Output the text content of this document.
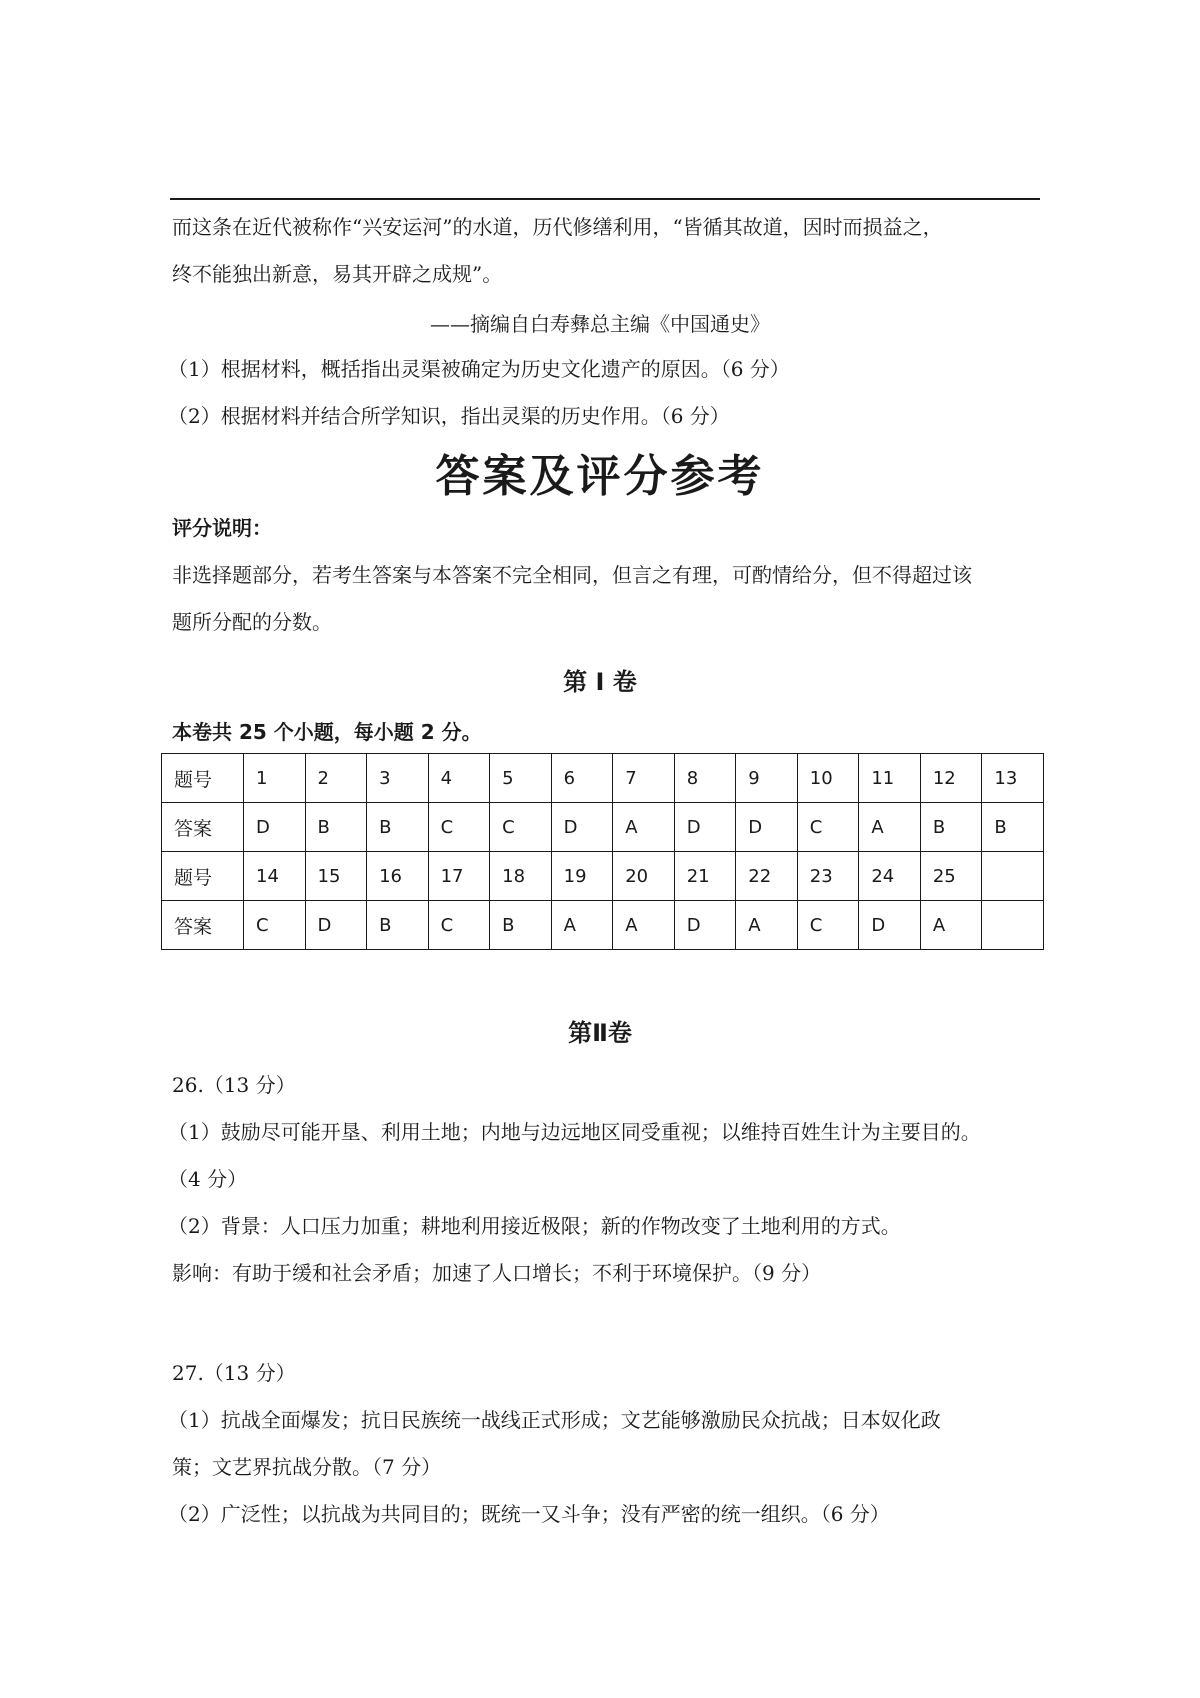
而这条在近代被称作“兴安运河”的水道，历代修缮利用，“皆循其故道，因时而损益之，
终不能独出新意，易其开辟之成规”。
——摘编自白寿彝总主编《中国通史》
（1）根据材料，概括指出灵渠被确定为历史文化遗产的原因。（6 分）
（2）根据材料并结合所学知识，指出灵渠的历史作用。（6 分）
答案及评分参考
评分说明：
非选择题部分，若考生答案与本答案不完全相同，但言之有理，可酌情给分，但不得超过该
题所分配的分数。
第 I 卷
本卷共 25 个小题，每小题 2 分。
题号	1	2	3	4	5	6	7	8	9	10	11	12	13
答案	D	B	B	C	C	D	A	D	D	C	A	B	B
题号	14	15	16	17	18	19	20	21	22	23	24	25	
答案	C	D	B	C	B	A	A	D	A	C	D	A	
第Ⅱ卷
26.（13 分）
（1）鼓励尽可能开垦、利用土地；内地与边远地区同受重视；以维持百姓生计为主要目的。
（4 分）
（2）背景：人口压力加重；耕地利用接近极限；新的作物改变了土地利用的方式。
影响：有助于缓和社会矛盾；加速了人口增长；不利于环境保护。（9 分）
27.（13 分）
（1）抗战全面爆发；抗日民族统一战线正式形成；文艺能够激励民众抗战；日本奴化政
策；文艺界抗战分散。（7 分）
（2）广泛性；以抗战为共同目的；既统一又斗争；没有严密的统一组织。（6 分）
